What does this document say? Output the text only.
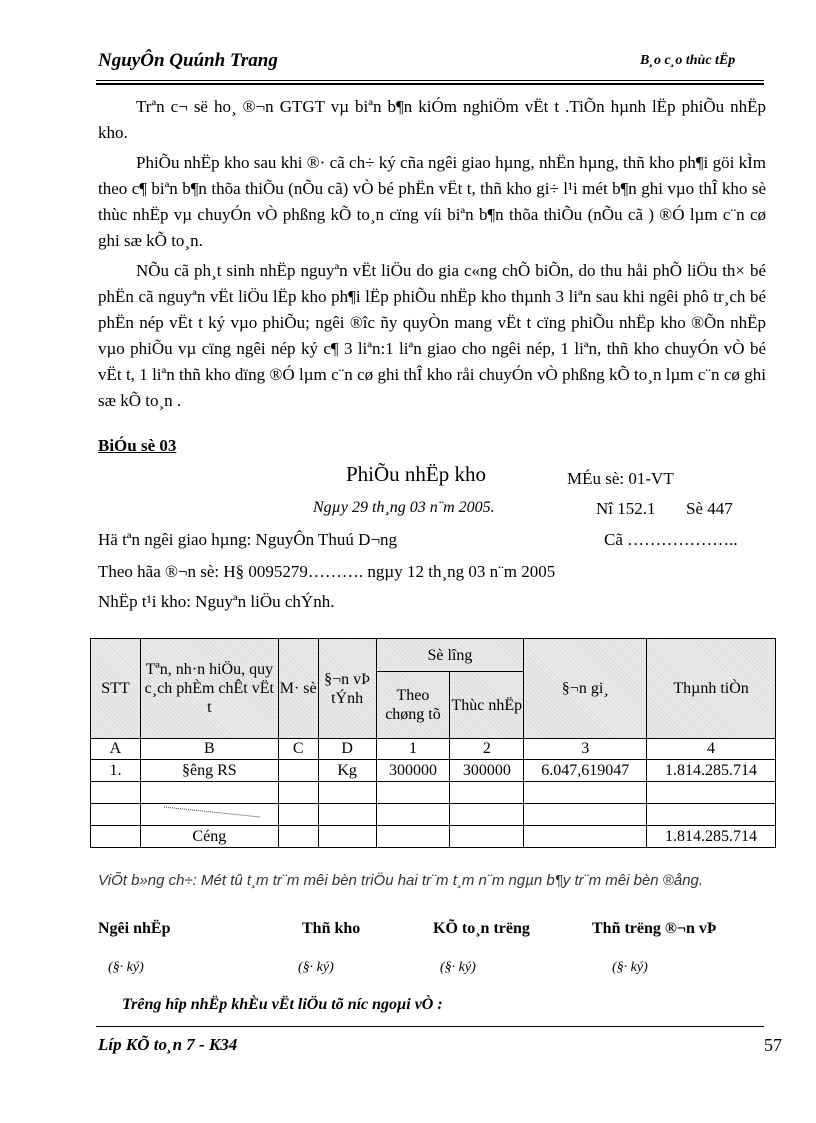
NguyÔn Quúnh Trang	B¸o c¸o thùc tËp

Trªn c¬ së ho¸ ®¬n GTGT vµ biªn b¶n kiÓm nghiÖm vËt t .TiÕn hµnh lËp phiÕu nhËp kho.

PhiÕu nhËp kho sau khi ®· cã ch÷ ký cña ngêi giao hµng, nhËn hµng, thñ kho ph¶i göi kÌm theo c¶ biªn b¶n thõa thiÕu (nÕu cã) vÒ bé phËn vËt t, thñ kho gi÷ l¹i mét b¶n ghi vµo thÎ kho sè thùc nhËp vµ chuyÓn vÒ phßng kÕ to¸n cïng víi biªn b¶n thõa thiÕu (nÕu cã ) ®Ó lµm c¨n cø ghi sæ kÕ to¸n.

NÕu cã ph¸t sinh nhËp nguyªn vËt liÖu do gia c«ng chÕ biÕn, do thu håi phÕ liÖu th× bé phËn cã nguyªn vËt liÖu lËp kho ph¶i lËp phiÕu nhËp kho thµnh 3 liªn sau khi ngêi phô tr¸ch bé phËn nép vËt t ký vµo phiÕu; ngêi ®îc ñy quyÒn mang vËt t cïng phiÕu nhËp kho ®Õn nhËp vµo phiÕu vµ cïng ngêi nép ký c¶ 3 liªn:1 liªn giao cho ngêi nép, 1 liªn, thñ kho chuyÓn vÒ bé vËt t, 1 liªn thñ kho dïng ®Ó lµm c¨n cø ghi thÎ kho råi chuyÓn vÒ phßng kÕ to¸n lµm c¨n cø ghi sæ kÕ to¸n .

BiÓu sè 03
PhiÕu nhËp kho	MÉu sè: 01-VT
Ngµy 29 th¸ng 03 n¨m 2005.	Nî 152.1 Sè 447
Hä tªn ngêi giao hµng: NguyÔn Thuú D¬ng	Cã ………………..
Theo hãa ®¬n sè: H§ 0095279………. ngµy 12 th¸ng 03 n¨m 2005
NhËp t¹i kho: Nguyªn liÖu chÝnh.
STT	Tªn, nh·n hiÖu, quy c¸ch phÈm chÊt vËt t	M· sè	§¬n vÞ tÝnh	Sè lîng		§¬n gi¸	Thµnh tiÒn
				Theo chøng tõ	Thùc nhËp		
A	B	C	D	1	2	3	4
1.	§êng RS		Kg	300000	300000	6.047,619047	1.814.285.714

	Céng						1.814.285.714
ViÕt b»ng ch÷: Mét tû t¸m tr¨m mêi bèn triÖu hai tr¨m t¸m n¨m ngµn b¶y tr¨m mêi bèn ®ång.
Ngêi nhËp	Thñ kho	KÕ to¸n trëng	Thñ trëng ®¬n vÞ
(§· ký)	(§· ký)	(§· ký)	(§· ký)
Trêng hîp nhËp khÈu vËt liÖu tõ níc ngoµi vÒ :
Líp KÕ to¸n 7 - K34	57
